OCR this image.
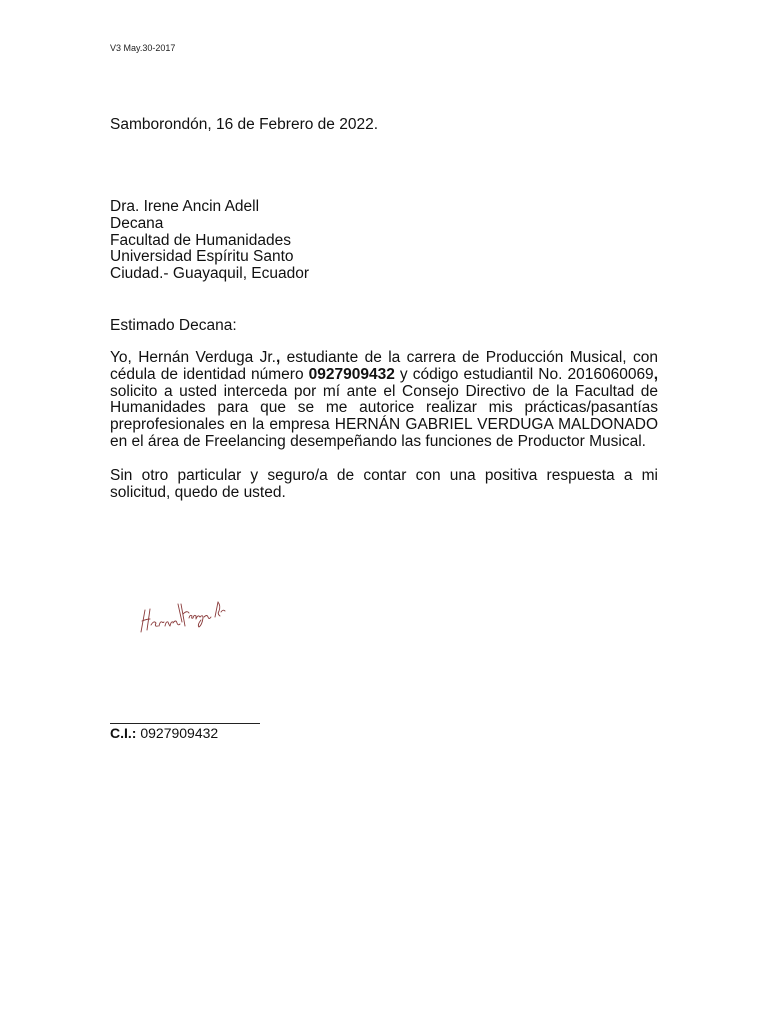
V3 May.30-2017
Samborondón, 16 de Febrero de 2022.
Dra. Irene Ancin Adell
Decana
Facultad de Humanidades
Universidad Espíritu Santo
Ciudad.- Guayaquil, Ecuador
Estimado Decana:
Yo, Hernán Verduga Jr., estudiante de la carrera de Producción Musical, con cédula de identidad número 0927909432 y código estudiantil No. 2016060069, solicito a usted interceda por mí ante el Consejo Directivo de la Facultad de Humanidades para que se me autorice realizar mis prácticas/pasantías preprofesionales en la empresa HERNÁN GABRIEL VERDUGA MALDONADO en el área de Freelancing desempeñando las funciones de Productor Musical.
Sin otro particular y seguro/a de contar con una positiva respuesta a mi solicitud, quedo de usted.
C.I.: 0927909432
